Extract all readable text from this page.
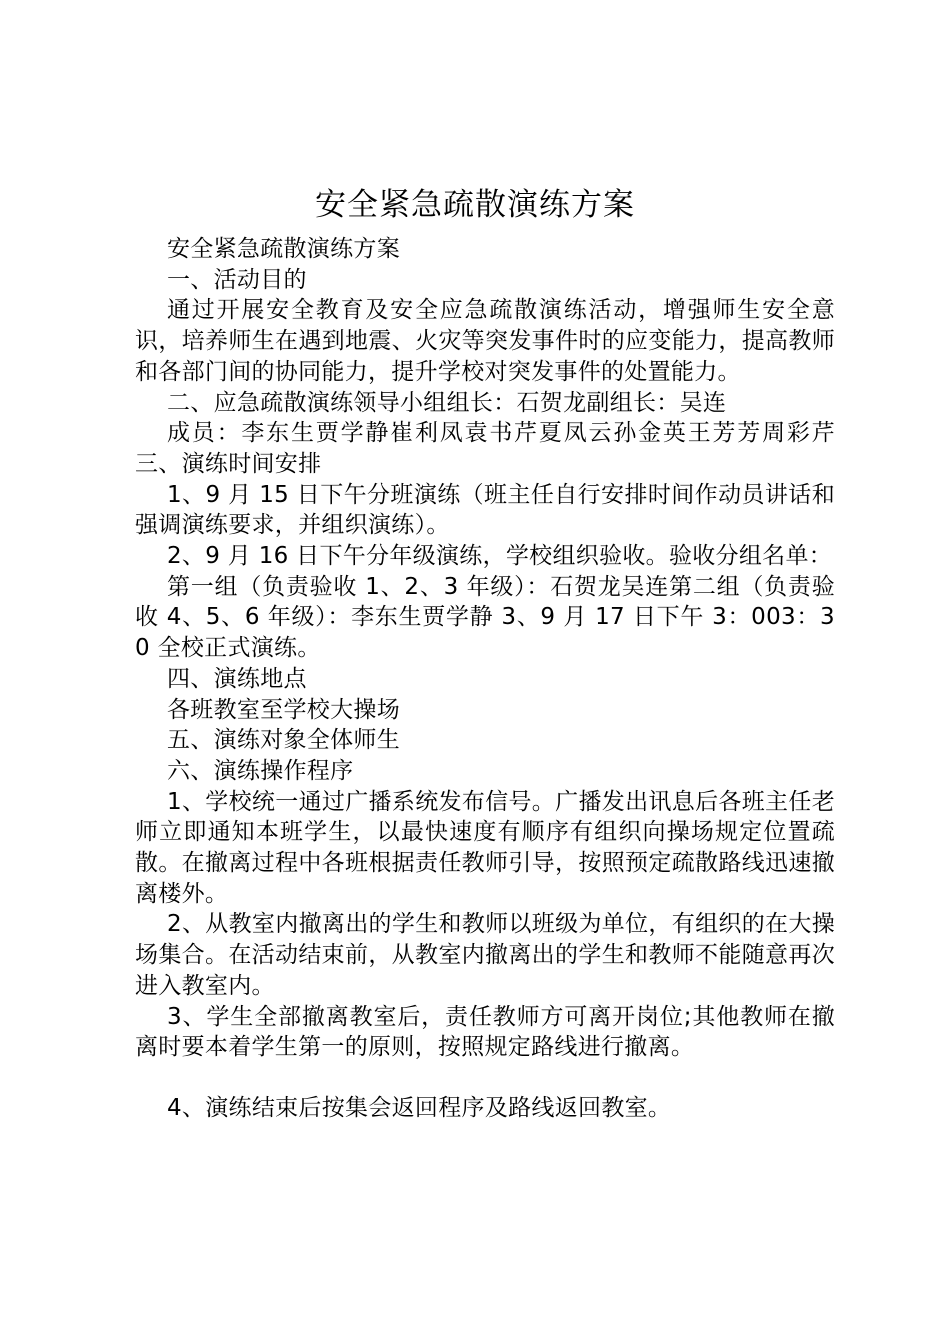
安全紧急疏散演练方案

安全紧急疏散演练方案

一、活动目的

通过开展安全教育及安全应急疏散演练活动，增强师生安全意识，培养师生在遇到地震、火灾等突发事件时的应变能力，提高教师和各部门间的协同能力，提升学校对突发事件的处置能力。

二、应急疏散演练领导小组组长：石贺龙副组长：吴连

成员：李东生贾学静崔利凤袁书芹夏凤云孙金英王芳芳周彩芹三、演练时间安排

1、9 月 15 日下午分班演练（班主任自行安排时间作动员讲话和强调演练要求，并组织演练）。

2、9 月 16 日下午分年级演练，学校组织验收。验收分组名单：

第一组（负责验收 1、2、3 年级）：石贺龙吴连第二组（负责验收 4、5、6 年级）：李东生贾学静 3、9 月 17 日下午 3：003：30 全校正式演练。

四、演练地点

各班教室至学校大操场

五、演练对象全体师生

六、演练操作程序

1、学校统一通过广播系统发布信号。广播发出讯息后各班主任老师立即通知本班学生，以最快速度有顺序有组织向操场规定位置疏散。在撤离过程中各班根据责任教师引导，按照预定疏散路线迅速撤离楼外。

2、从教室内撤离出的学生和教师以班级为单位，有组织的在大操场集合。在活动结束前，从教室内撤离出的学生和教师不能随意再次进入教室内。

3、学生全部撤离教室后，责任教师方可离开岗位;其他教师在撤离时要本着学生第一的原则，按照规定路线进行撤离。

4、演练结束后按集会返回程序及路线返回教室。
